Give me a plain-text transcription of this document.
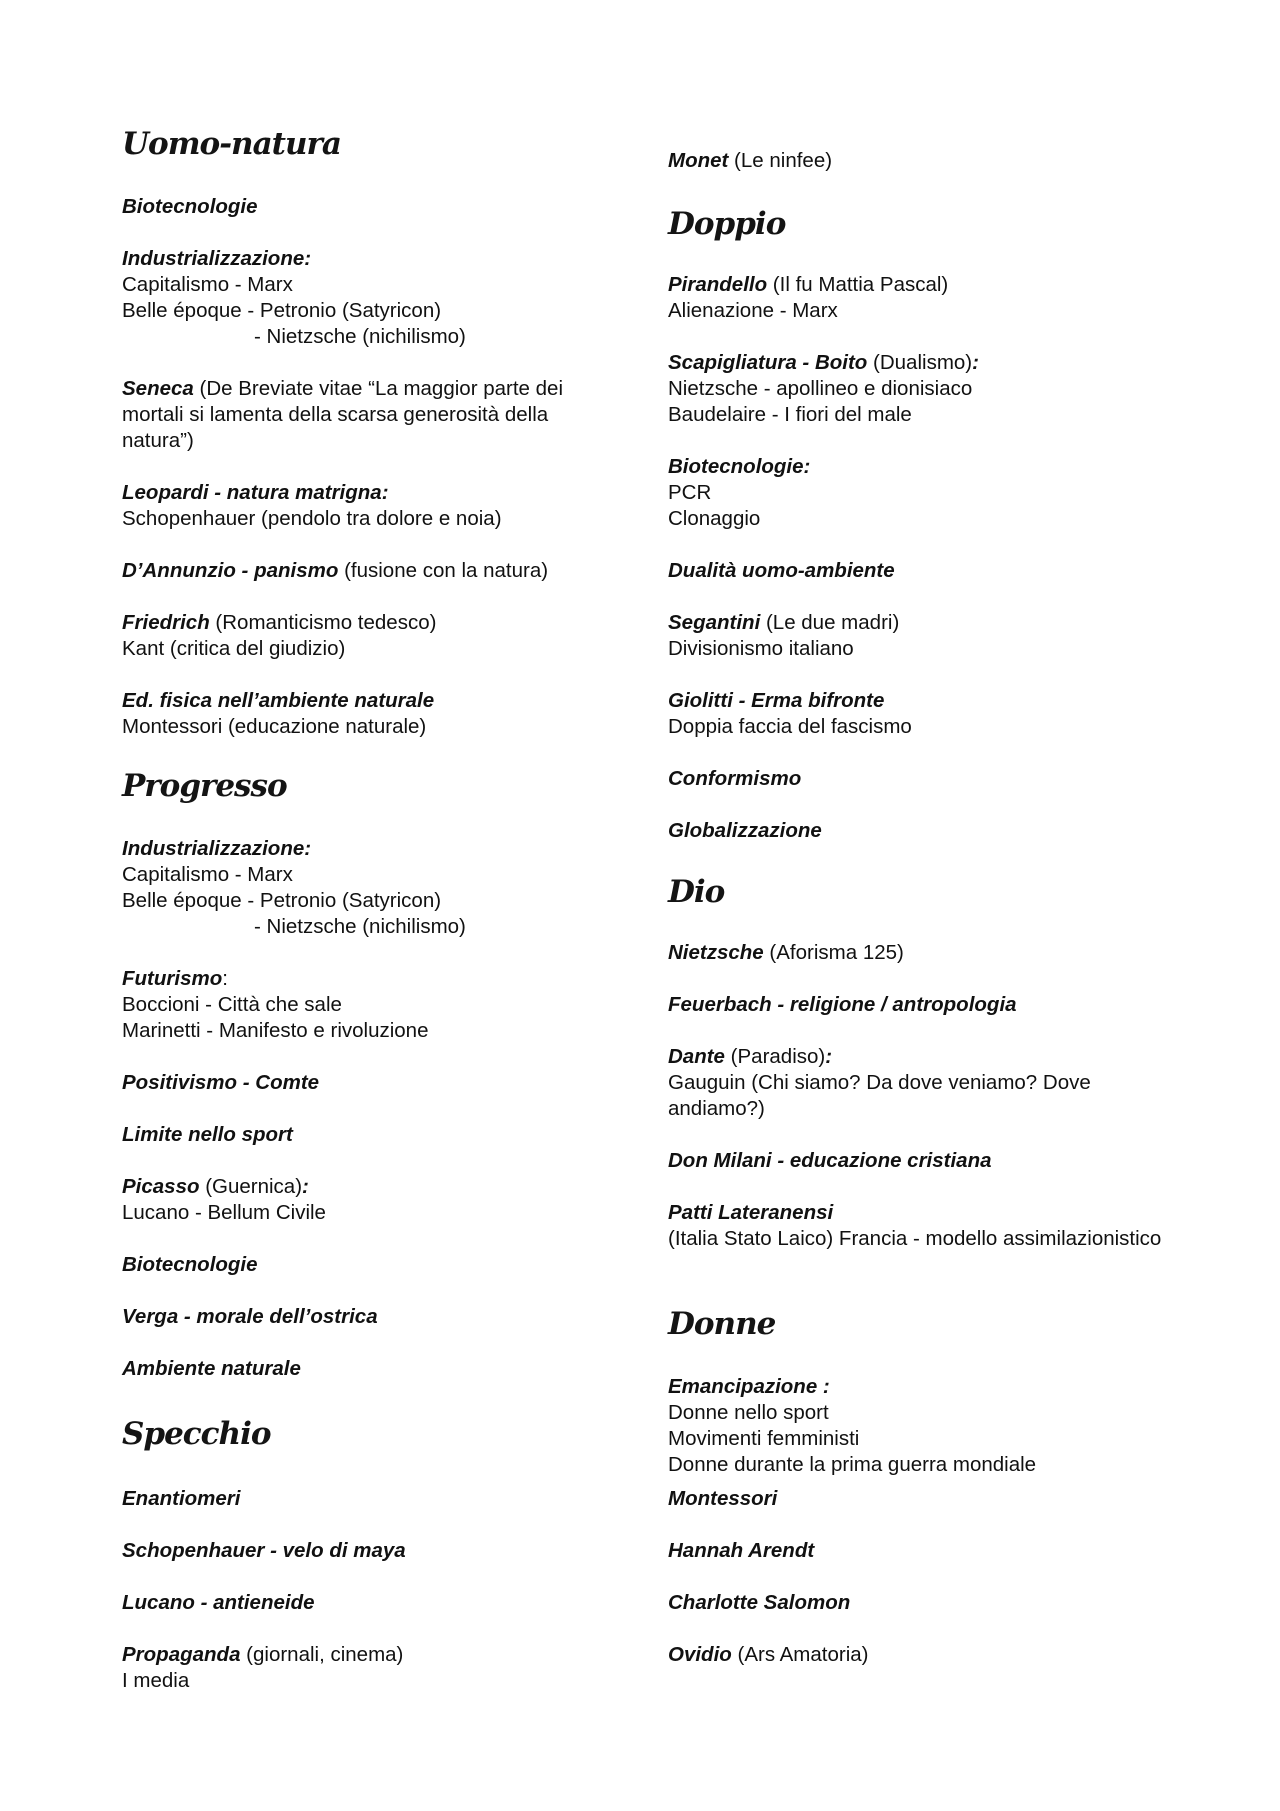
Uomo-natura
Biotecnologie
Industrializzazione:
Capitalismo - Marx
Belle époque - Petronio (Satyricon)
- Nietzsche (nichilismo)
Seneca (De Breviate vitae “La maggior parte dei mortali si lamenta della scarsa generosità della natura”)
Leopardi - natura matrigna:
Schopenhauer (pendolo tra dolore e noia)
D’Annunzio - panismo (fusione con la natura)
Friedrich (Romanticismo tedesco)
Kant (critica del giudizio)
Ed. fisica nell’ambiente naturale
Montessori (educazione naturale)
Progresso
Industrializzazione:
Capitalismo - Marx
Belle époque - Petronio (Satyricon)
- Nietzsche (nichilismo)
Futurismo:
Boccioni - Città che sale
Marinetti - Manifesto e rivoluzione
Positivismo - Comte
Limite nello sport
Picasso (Guernica):
Lucano - Bellum Civile
Biotecnologie
Verga - morale dell’ostrica
Ambiente naturale
Specchio
Enantiomeri
Schopenhauer - velo di maya
Lucano - antieneide
Propaganda (giornali, cinema)
I media
Monet (Le ninfee)
Doppio
Pirandello (Il fu Mattia Pascal)
Alienazione - Marx
Scapigliatura - Boito (Dualismo):
Nietzsche - apollineo e dionisiaco
Baudelaire - I fiori del male
Biotecnologie:
PCR
Clonaggio
Dualità uomo-ambiente
Segantini (Le due madri)
Divisionismo italiano
Giolitti - Erma bifronte
Doppia faccia del fascismo
Conformismo
Globalizzazione
Dio
Nietzsche (Aforisma 125)
Feuerbach - religione / antropologia
Dante (Paradiso):
Gauguin (Chi siamo? Da dove veniamo? Dove andiamo?)
Don Milani - educazione cristiana
Patti Lateranensi
(Italia Stato Laico) Francia - modello assimilazionistico
Donne
Emancipazione :
Donne nello sport
Movimenti femministi
Donne durante la prima guerra mondiale
Montessori
Hannah Arendt
Charlotte Salomon
Ovidio (Ars Amatoria)
